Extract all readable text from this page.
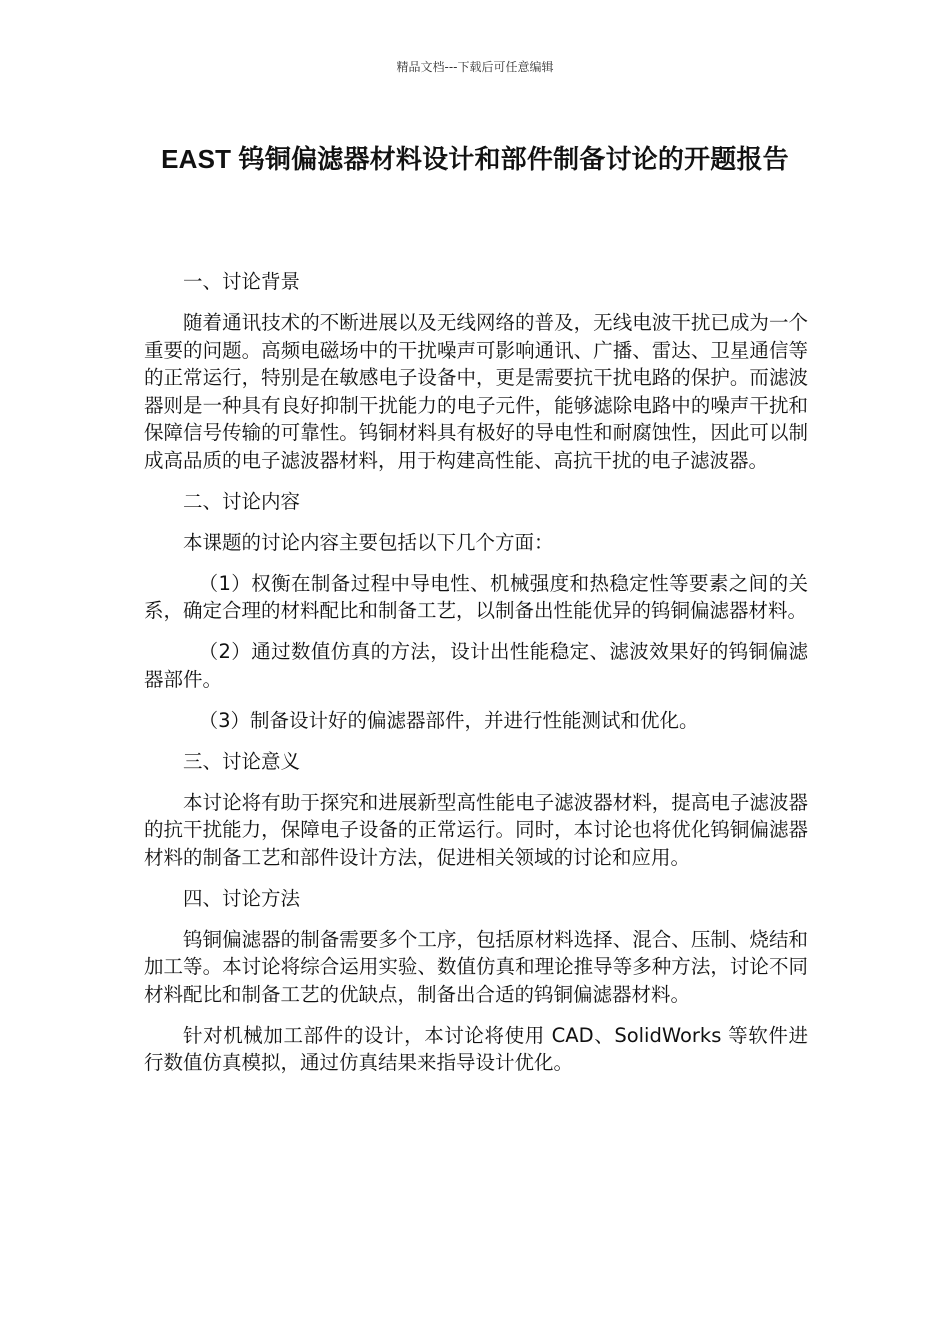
精品文档---下载后可任意编辑
EAST 钨铜偏滤器材料设计和部件制备讨论的开题报告
一、讨论背景

随着通讯技术的不断进展以及无线网络的普及，无线电波干扰已成为一个重要的问题。高频电磁场中的干扰噪声可影响通讯、广播、雷达、卫星通信等的正常运行，特别是在敏感电子设备中，更是需要抗干扰电路的保护。而滤波器则是一种具有良好抑制干扰能力的电子元件，能够滤除电路中的噪声干扰和保障信号传输的可靠性。钨铜材料具有极好的导电性和耐腐蚀性，因此可以制成高品质的电子滤波器材料，用于构建高性能、高抗干扰的电子滤波器。

二、讨论内容

本课题的讨论内容主要包括以下几个方面：

（1）权衡在制备过程中导电性、机械强度和热稳定性等要素之间的关系，确定合理的材料配比和制备工艺，以制备出性能优异的钨铜偏滤器材料。

（2）通过数值仿真的方法，设计出性能稳定、滤波效果好的钨铜偏滤器部件。

（3）制备设计好的偏滤器部件，并进行性能测试和优化。

三、讨论意义

本讨论将有助于探究和进展新型高性能电子滤波器材料，提高电子滤波器的抗干扰能力，保障电子设备的正常运行。同时，本讨论也将优化钨铜偏滤器材料的制备工艺和部件设计方法，促进相关领域的讨论和应用。

四、讨论方法

钨铜偏滤器的制备需要多个工序，包括原材料选择、混合、压制、烧结和加工等。本讨论将综合运用实验、数值仿真和理论推导等多种方法，讨论不同材料配比和制备工艺的优缺点，制备出合适的钨铜偏滤器材料。

针对机械加工部件的设计，本讨论将使用 CAD、SolidWorks 等软件进行数值仿真模拟，通过仿真结果来指导设计优化。
